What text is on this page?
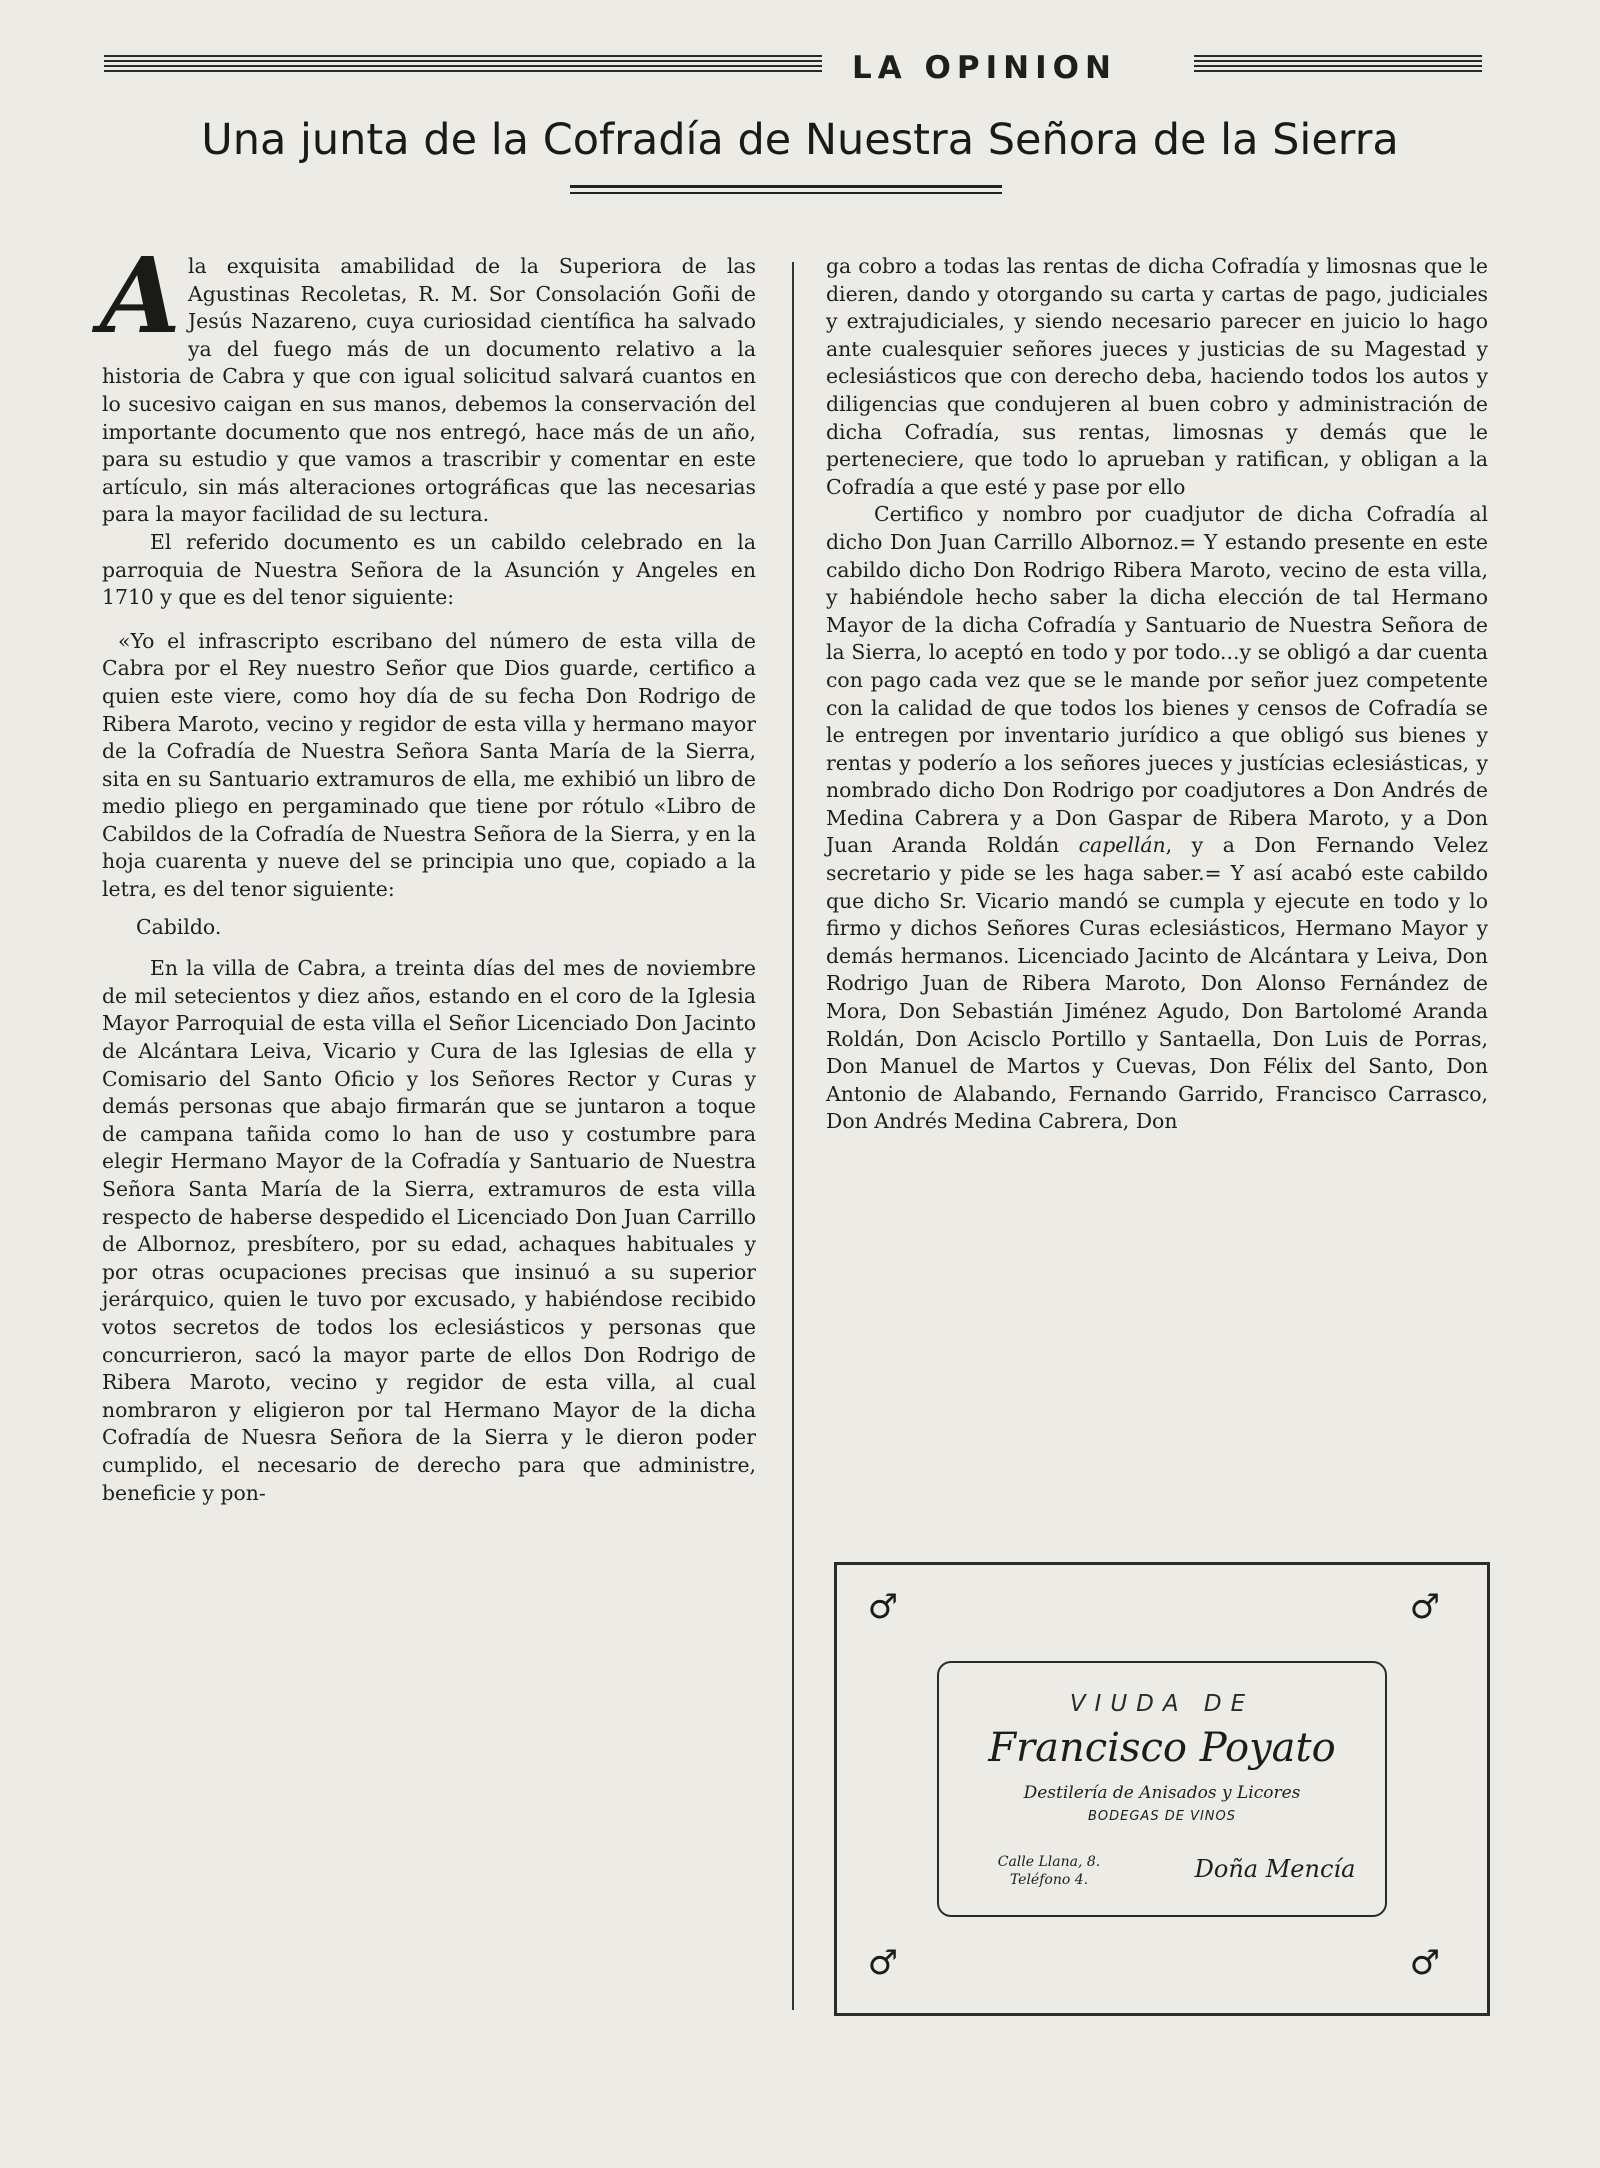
LA OPINION
Una junta de la Cofradía de Nuestra Señora de la Sierra

Ala exquisita amabilidad de la Superiora de las Agustinas Recoletas, R. M. Sor Consolación Goñi de Jesús Nazareno, cuya curiosidad científica ha salvado ya del fuego más de un documento relativo a la historia de Cabra y que con igual solicitud salvará cuantos en lo sucesivo caigan en sus manos, debemos la conservación del importante documento que nos entregó, hace más de un año, para su estudio y que vamos a trascribir y comentar en este artículo, sin más alteraciones ortográficas que las necesarias para la mayor facilidad de su lectura.

El referido documento es un cabildo celebrado en la parroquia de Nuestra Señora de la Asunción y Angeles en 1710 y que es del tenor siguiente:

«Yo el infrascripto escribano del número de esta villa de Cabra por el Rey nuestro Señor que Dios guarde, certifico a quien este viere, como hoy día de su fecha Don Rodrigo de Ribera Maroto, vecino y regidor de esta villa y hermano mayor de la Cofradía de Nuestra Señora Santa María de la Sierra, sita en su Santuario extramuros de ella, me exhibió un libro de medio pliego en pergaminado que tiene por rótulo «Libro de Cabildos de la Cofradía de Nuestra Señora de la Sierra, y en la hoja cuarenta y nueve del se principia uno que, copiado a la letra, es del tenor siguiente:

Cabildo.

En la villa de Cabra, a treinta días del mes de noviembre de mil setecientos y diez años, estando en el coro de la Iglesia Mayor Parroquial de esta villa el Señor Licenciado Don Jacinto de Alcántara Leiva, Vicario y Cura de las Iglesias de ella y Comisario del Santo Oficio y los Señores Rector y Curas y demás personas que abajo firmarán que se juntaron a toque de campana tañida como lo han de uso y costumbre para elegir Hermano Mayor de la Cofradía y Santuario de Nuestra Señora Santa María de la Sierra, extramuros de esta villa respecto de haberse despedido el Licenciado Don Juan Carrillo de Albornoz, presbítero, por su edad, achaques habituales y por otras ocupaciones precisas que insinuó a su superior jerárquico, quien le tuvo por excusado, y habiéndose recibido votos secretos de todos los eclesiásticos y personas que concurrieron, sacó la mayor parte de ellos Don Rodrigo de Ribera Maroto, vecino y regidor de esta villa, al cual nombraron y eligieron por tal Hermano Mayor de la dicha Cofradía de Nuesra Señora de la Sierra y le dieron poder cumplido, el necesario de derecho para que administre, beneficie y pon-

ga cobro a todas las rentas de dicha Cofradía y limosnas que le dieren, dando y otorgando su carta y cartas de pago, judiciales y extrajudiciales, y siendo necesario parecer en juicio lo hago ante cualesquier señores jueces y justicias de su Magestad y eclesiásticos que con derecho deba, haciendo todos los autos y diligencias que condujeren al buen cobro y administración de dicha Cofradía, sus rentas, limosnas y demás que le perteneciere, que todo lo aprueban y ratifican, y obligan a la Cofradía a que esté y pase por ello

Certifico y nombro por cuadjutor de dicha Cofradía al dicho Don Juan Carrillo Albornoz.= Y estando presente en este cabildo dicho Don Rodrigo Ribera Maroto, vecino de esta villa, y habiéndole hecho saber la dicha elección de tal Hermano Mayor de la dicha Cofradía y Santuario de Nuestra Señora de la Sierra, lo aceptó en todo y por todo...y se obligó a dar cuenta con pago cada vez que se le mande por señor juez competente con la calidad de que todos los bienes y censos de Cofradía se le entregen por inventario jurídico a que obligó sus bienes y rentas y poderío a los señores jueces y justícias eclesiásticas, y nombrado dicho Don Rodrigo por coadjutores a Don Andrés de Medina Cabrera y a Don Gaspar de Ribera Maroto, y a Don Juan Aranda Roldán capellán, y a Don Fernando Velez secretario y pide se les haga saber.= Y así acabó este cabildo que dicho Sr. Vicario mandó se cumpla y ejecute en todo y lo firmo y dichos Señores Curas eclesiásticos, Hermano Mayor y demás hermanos. Licenciado Jacinto de Alcántara y Leiva, Don Rodrigo Juan de Ribera Maroto, Don Alonso Fernández de Mora, Don Sebastián Jiménez Agudo, Don Bartolomé Aranda Roldán, Don Acisclo Portillo y Santaella, Don Luis de Porras, Don Manuel de Martos y Cuevas, Don Félix del Santo, Don Antonio de Alabando, Fernando Garrido, Francisco Carrasco, Don Andrés Medina Cabrera, Don

♂	♂
♂	♂
VIUDA DE
Francisco Poyato
Destilería de Anisados y Licores
BODEGAS DE VINOS
Calle Llana, 8.
Teléfono 4.	Doña Mencía
